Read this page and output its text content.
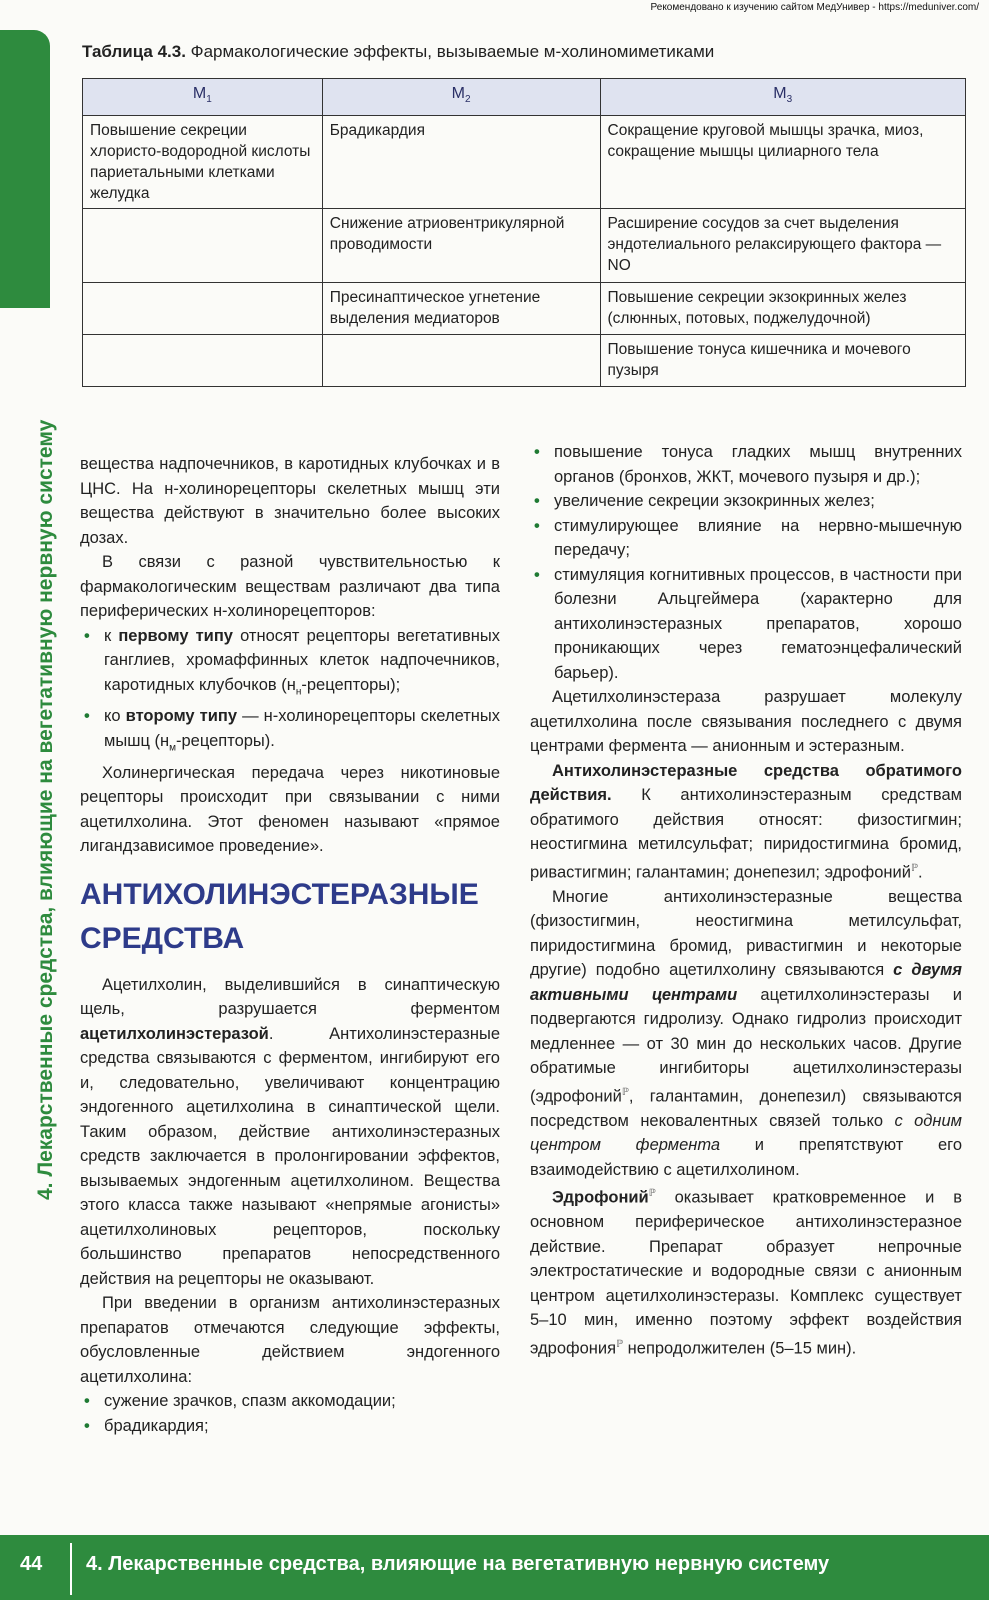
Рекомендовано к изучению сайтом МедУнивер - https://meduniver.com/
4. Лекарственные средства, влияющие на вегетативную нервную систему
Таблица 4.3. Фармакологические эффекты, вызываемые м-холиномиметиками
$М_1$	$М_2$	$М_3$
Повышение секреции хлористо-водородной кислоты париетальными клетками желудка	Брадикардия	Сокращение круговой мышцы зрачка, миоз, сокращение мышцы цилиарного тела
	Снижение атриовентрикулярной проводимости	Расширение сосудов за счет выделения эндотелиального релаксирующего фактора — NO
	Пресинаптическое угнетение выделения медиаторов	Повышение секреции экзокринных желез (слюнных, потовых, поджелудочной)
		Повышение тонуса кишечника и мочевого пузыря

вещества надпочечников, в каротидных клубочках и в ЦНС. На н-холинорецепторы скелетных мышц эти вещества действуют в значительно более высоких дозах.

В связи с разной чувствительностью к фармакологическим веществам различают два типа периферических н-холинорецепторов:

• к первому типу относят рецепторы вегетативных ганглиев, хромаффинных клеток надпочечников, каротидных клубочков $(н_н-рецепторы)$;
• ко второму типу — н-холинорецепторы скелетных мышц $(н_м-рецепторы)$.

Холинергическая передача через никотиновые рецепторы происходит при связывании с ними ацетилхолина. Этот феномен называют «прямое лигандзависимое проведение».

АНТИХОЛИНЭСТЕРАЗНЫЕ СРЕДСТВА

Ацетилхолин, выделившийся в синаптическую щель, разрушается ферментом ацетилхолинэстеразой. Антихолинэстеразные средства связываются с ферментом, ингибируют его и, следовательно, увеличивают концентрацию эндогенного ацетилхолина в синаптической щели. Таким образом, действие антихолинэстеразных средств заключается в пролонгировании эффектов, вызываемых эндогенным ацетилхолином. Вещества этого класса также называют «непрямые агонисты» ацетилхолиновых рецепторов, поскольку большинство препаратов непосредственного действия на рецепторы не оказывают.

При введении в организм антихолинэстеразных препаратов отмечаются следующие эффекты, обусловленные действием эндогенного ацетилхолина:

• сужение зрачков, спазм аккомодации;
• брадикардия;
• повышение тонуса гладких мышц внутренних органов (бронхов, ЖКТ, мочевого пузыря и др.);
• увеличение секреции экзокринных желез;
• стимулирующее влияние на нервно-мышечную передачу;
• стимуляция когнитивных процессов, в частности при болезни Альцгеймера (характерно для антихолинэстеразных препаратов, хорошо проникающих через гематоэнцефалический барьер).

Ацетилхолинэстераза разрушает молекулу ацетилхолина после связывания последнего с двумя центрами фермента — анионным и эстеразным.

Антихолинэстеразные средства обратимого действия. К антихолинэстеразным средствам обратимого действия относят: физостигмин; неостигмина метилсульфат; пиридостигмина бромид, ривастигмин; галантамин; донепезил; эдрофоний$^ℙ$.

Многие антихолинэстеразные вещества (физостигмин, неостигмина метилсульфат, пиридостигмина бромид, ривастигмин и некоторые другие) подобно ацетилхолину связываются с двумя активными центрами ацетилхолинэстеразы и подвергаются гидролизу. Однако гидролиз происходит медленнее — от 30 мин до нескольких часов. Другие обратимые ингибиторы ацетилхолинэстеразы (эдрофоний$^ℙ$, галантамин, донепезил) связываются посредством нековалентных связей только с одним центром фермента и препятствуют его взаимодействию с ацетилхолином.

Эдрофоний$^ℙ$ оказывает кратковременное и в основном периферическое антихолинэстеразное действие. Препарат образует непрочные электростатические и водородные связи с анионным центром ацетилхолинэстеразы. Комплекс существует 5–10 мин, именно поэтому эффект воздействия эдрофония$^ℙ$ непродолжителен (5–15 мин).

44 4. Лекарственные средства, влияющие на вегетативную нервную систему
